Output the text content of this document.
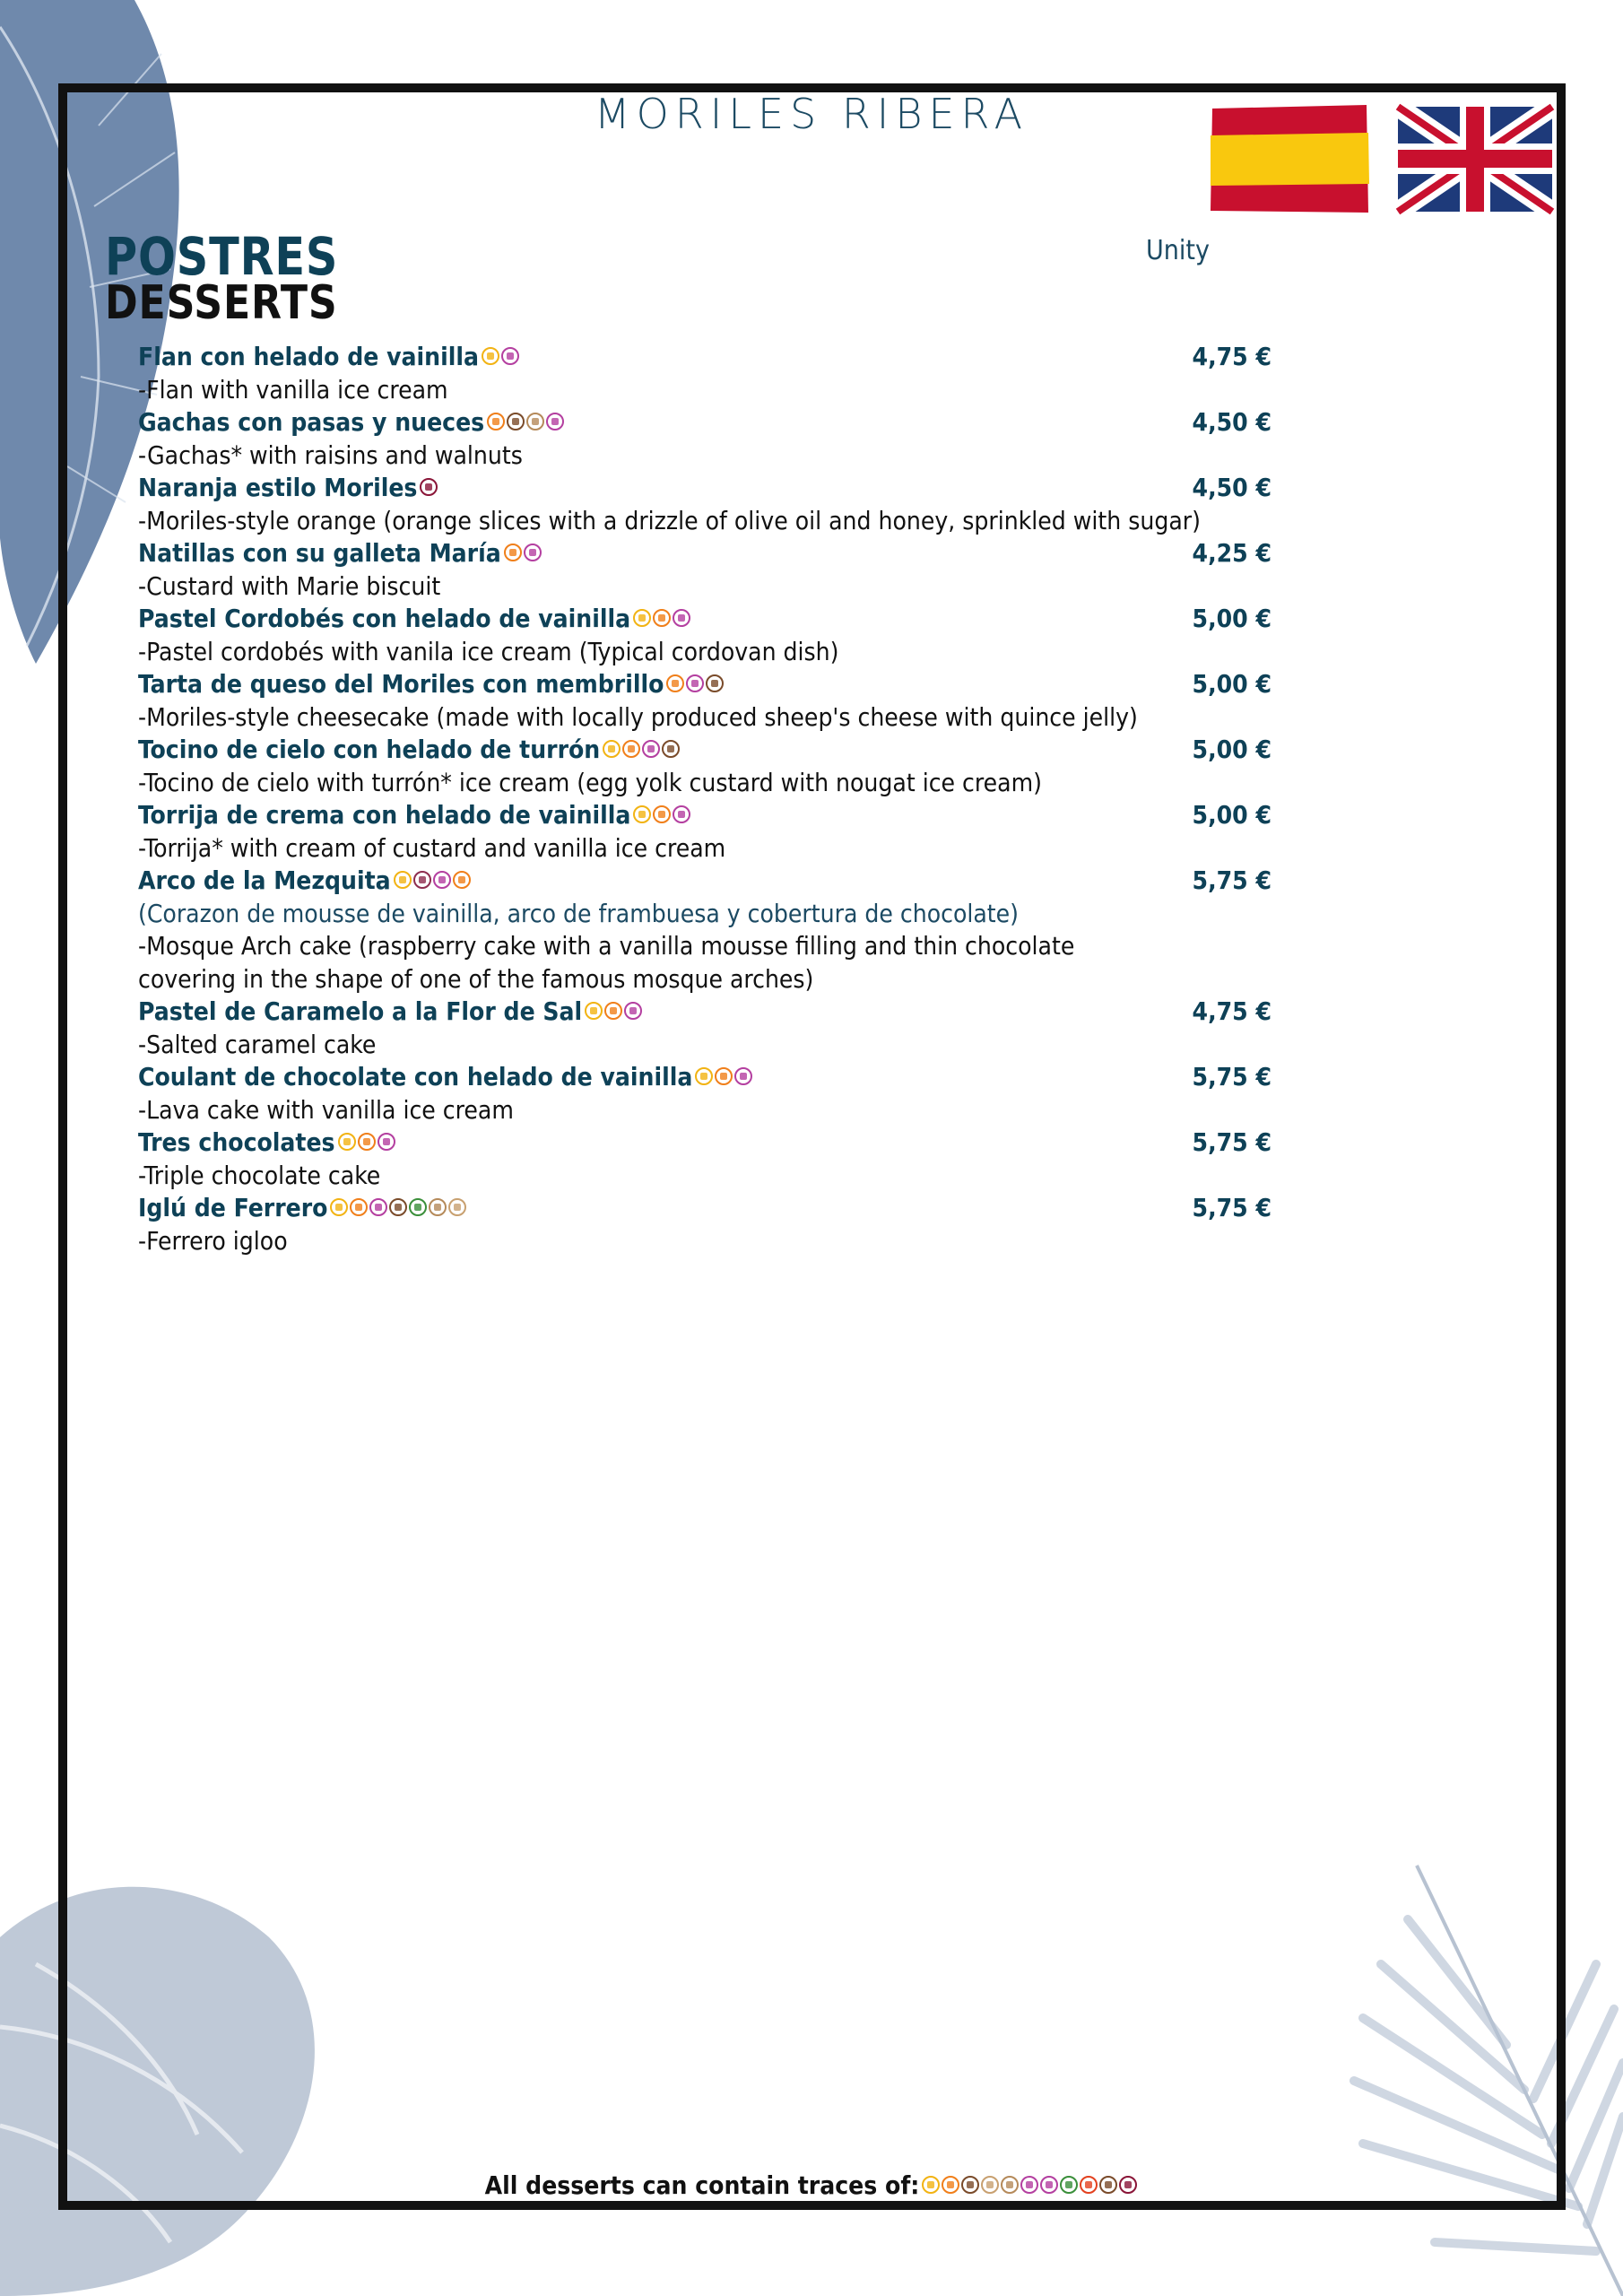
MORILES RIBERA
POSTRES
DESSERTS
Unity
Flan con helado de vainilla	4,75 €
-Flan with vanilla ice cream
Gachas con pasas y nueces	4,50 €
-Gachas* with raisins and walnuts
Naranja estilo Moriles	4,50 €
-Moriles-style orange (orange slices with a drizzle of olive oil and honey, sprinkled with sugar)
Natillas con su galleta María	4,25 €
-Custard with Marie biscuit
Pastel Cordobés con helado de vainilla	5,00 €
-Pastel cordobés with vanila ice cream (Typical cordovan dish)
Tarta de queso del Moriles con membrillo	5,00 €
-Moriles-style cheesecake (made with locally produced sheep's cheese with quince jelly)
Tocino de cielo con helado de turrón	5,00 €
-Tocino de cielo with turrón* ice cream (egg yolk custard with nougat ice cream)
Torrija de crema con helado de vainilla	5,00 €
-Torrija* with cream of custard and vanilla ice cream
Arco de la Mezquita	5,75 €
(Corazon de mousse de vainilla, arco de frambuesa y cobertura de chocolate)
-Mosque Arch cake (raspberry cake with a vanilla mousse filling and thin chocolate
covering in the shape of one of the famous mosque arches)
Pastel de Caramelo a la Flor de Sal	4,75 €
-Salted caramel cake
Coulant de chocolate con helado de vainilla	5,75 €
-Lava cake with vanilla ice cream
Tres chocolates	5,75 €
-Triple chocolate cake
Iglú de Ferrero	5,75 €
-Ferrero igloo
All desserts can contain traces of:
